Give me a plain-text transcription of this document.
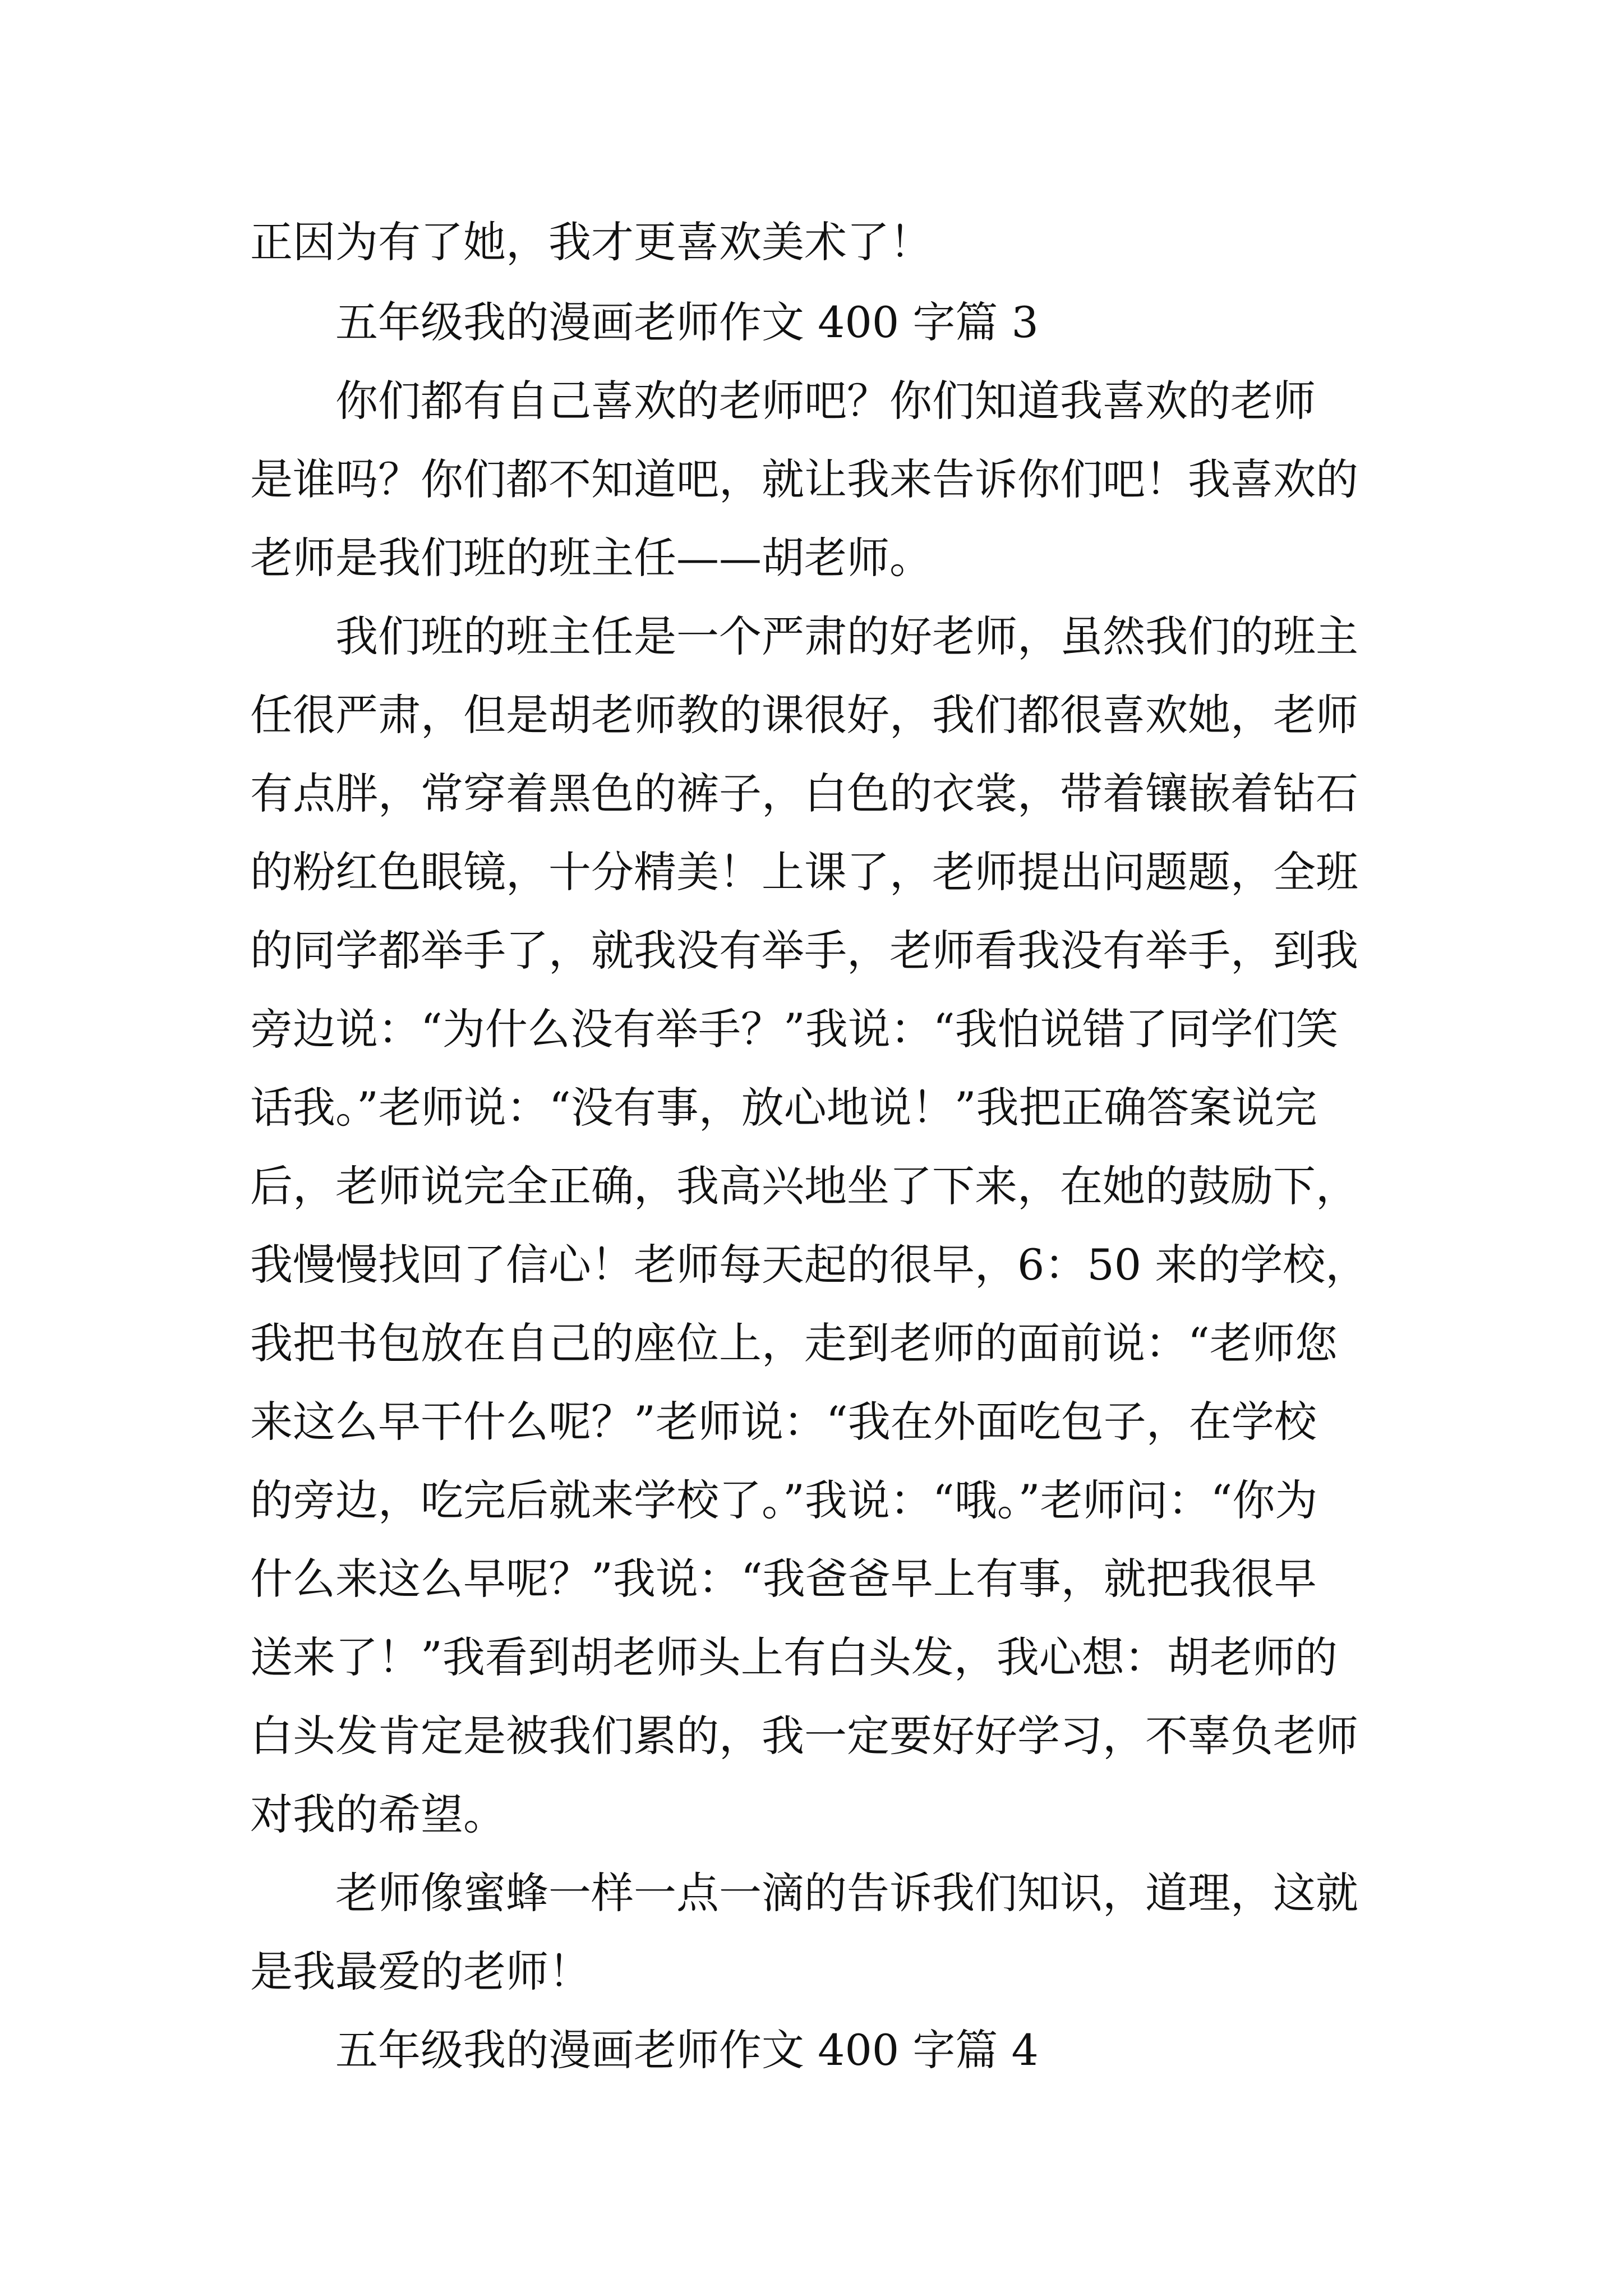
正因为有了她，我才更喜欢美术了！
五年级我的漫画老师作文 400 字篇 3
你们都有自己喜欢的老师吧？你们知道我喜欢的老师
是谁吗？你们都不知道吧，就让我来告诉你们吧！我喜欢的
老师是我们班的班主任——胡老师。
我们班的班主任是一个严肃的好老师，虽然我们的班主
任很严肃，但是胡老师教的课很好，我们都很喜欢她，老师
有点胖，常穿着黑色的裤子，白色的衣裳，带着镶嵌着钻石
的粉红色眼镜，十分精美！上课了，老师提出问题题，全班
的同学都举手了，就我没有举手，老师看我没有举手，到我
旁边说：“为什么没有举手？”我说：“我怕说错了同学们笑
话我。”老师说：“没有事，放心地说！”我把正确答案说完
后，老师说完全正确，我高兴地坐了下来，在她的鼓励下，
我慢慢找回了信心！老师每天起的很早，6：50 来的学校，
我把书包放在自己的座位上，走到老师的面前说：“老师您
来这么早干什么呢？”老师说：“我在外面吃包子，在学校
的旁边，吃完后就来学校了。”我说：“哦。”老师问：“你为
什么来这么早呢？”我说：“我爸爸早上有事，就把我很早
送来了！”我看到胡老师头上有白头发，我心想：胡老师的
白头发肯定是被我们累的，我一定要好好学习，不辜负老师
对我的希望。
老师像蜜蜂一样一点一滴的告诉我们知识，道理，这就
是我最爱的老师！
五年级我的漫画老师作文 400 字篇 4
